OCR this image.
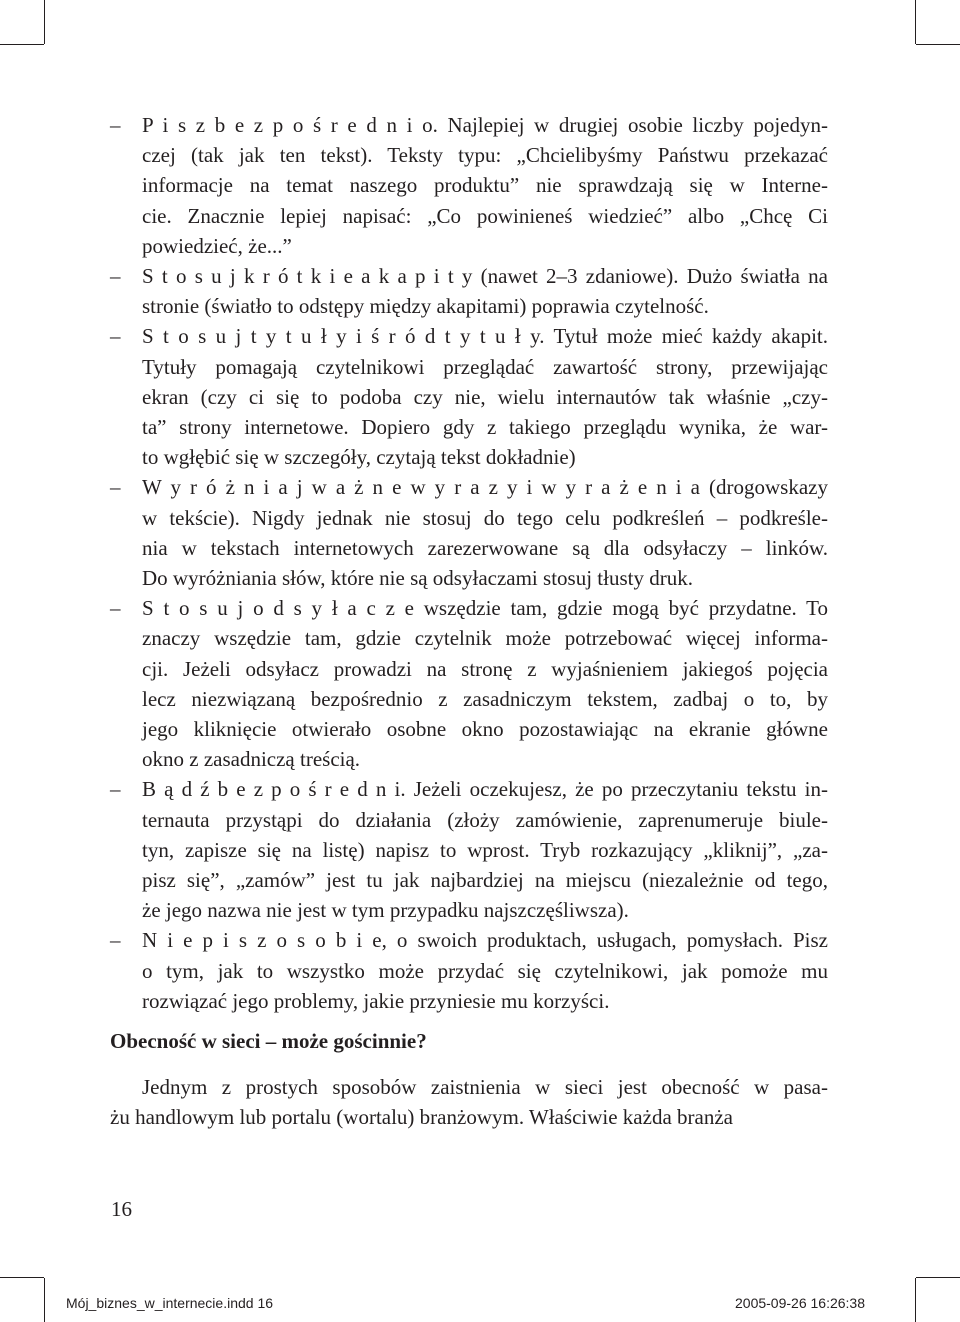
– P i s z b e z p o ś r e d n i o. Najlepiej w drugiej osobie liczby pojedyn-
czej (tak jak ten tekst). Teksty typu: „Chcielibyśmy Państwu przekazać
informacje na temat naszego produktu” nie sprawdzają się w Interne-
cie. Znacznie lepiej napisać: „Co powinieneś wiedzieć” albo „Chcę Ci
powiedzieć, że...”
– S t o s u j k r ó t k i e a k a p i t y (nawet 2–3 zdaniowe). Dużo światła na
stronie (światło to odstępy między akapitami) poprawia czytelność.
– S t o s u j t y t u ł y i ś r ó d t y t u ł y. Tytuł może mieć każdy akapit.
Tytuły pomagają czytelnikowi przeglądać zawartość strony, przewijając
ekran (czy ci się to podoba czy nie, wielu internautów tak właśnie „czy-
ta” strony internetowe. Dopiero gdy z takiego przeglądu wynika, że war-
to wgłębić się w szczegóły, czytają tekst dokładnie)
– W y r ó ż n i a j w a ż n e w y r a z y i w y r a ż e n i a (drogowskazy
w tekście). Nigdy jednak nie stosuj do tego celu podkreśleń – podkreśle-
nia w tekstach internetowych zarezerwowane są dla odsyłaczy – linków.
Do wyróżniania słów, które nie są odsyłaczami stosuj tłusty druk.
– S t o s u j o d s y ł a c z e wszędzie tam, gdzie mogą być przydatne. To
znaczy wszędzie tam, gdzie czytelnik może potrzebować więcej informa-
cji. Jeżeli odsyłacz prowadzi na stronę z wyjaśnieniem jakiegoś pojęcia
lecz niezwiązaną bezpośrednio z zasadniczym tekstem, zadbaj o to, by
jego kliknięcie otwierało osobne okno pozostawiając na ekranie główne
okno z zasadniczą treścią.
– B ą d ź b e z p o ś r e d n i. Jeżeli oczekujesz, że po przeczytaniu tekstu in-
ternauta przystąpi do działania (złoży zamówienie, zaprenumeruje biule-
tyn, zapisze się na listę) napisz to wprost. Tryb rozkazujący „kliknij”, „za-
pisz się”, „zamów” jest tu jak najbardziej na miejscu (niezależnie od tego,
że jego nazwa nie jest w tym przypadku najszczęśliwsza).
– N i e p i s z o s o b i e, o swoich produktach, usługach, pomysłach. Pisz
o tym, jak to wszystko może przydać się czytelnikowi, jak pomoże mu
rozwiązać jego problemy, jakie przyniesie mu korzyści.
Obecność w sieci – może gościnnie?
Jednym z prostych sposobów zaistnienia w sieci jest obecność w pasa-
żu handlowym lub portalu (wortalu) branżowym. Właściwie każda branża
16
Mój_biznes_w_internecie.indd 16	2005-09-26 16:26:38
